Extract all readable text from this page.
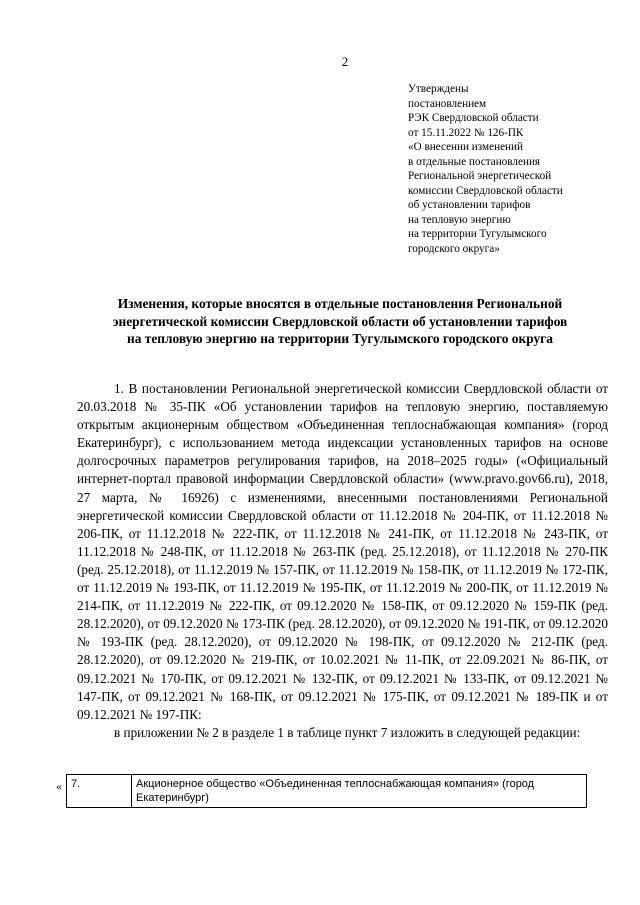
2
Утверждены
постановлением
РЭК Свердловской области
от 15.11.2022 № 126-ПК
«О внесении изменений
в отдельные постановления
Региональной энергетической
комиссии Свердловской области
об установлении тарифов
на тепловую энергию
на территории Тугулымского
городского округа»
Изменения, которые вносятся в отдельные постановления Региональной
энергетической комиссии Свердловской области об установлении тарифов
на тепловую энергию на территории Тугулымского городского округа

1. В постановлении Региональной энергетической комиссии Свердловской области от 20.03.2018 № 35-ПК «Об установлении тарифов на тепловую энергию, поставляемую открытым акционерным обществом «Объединенная теплоснабжающая компания» (город Екатеринбург), с использованием метода индексации установленных тарифов на основе долгосрочных параметров регулирования тарифов, на 2018–2025 годы» («Официальный интернет-портал правовой информации Свердловской области» (www.pravo.gov66.ru), 2018, 27 марта, № 16926) с изменениями, внесенными постановлениями Региональной энергетической комиссии Свердловской области от 11.12.2018 № 204-ПК, от 11.12.2018 № 206-ПК, от 11.12.2018 № 222-ПК, от 11.12.2018 № 241-ПК, от 11.12.2018 № 243-ПК, от 11.12.2018 № 248-ПК, от 11.12.2018 № 263-ПК (ред. 25.12.2018), от 11.12.2018 № 270-ПК (ред. 25.12.2018), от 11.12.2019 № 157-ПК, от 11.12.2019 № 158-ПК, от 11.12.2019 № 172-ПК, от 11.12.2019 № 193-ПК, от 11.12.2019 № 195-ПК, от 11.12.2019 № 200-ПК, от 11.12.2019 № 214-ПК, от 11.12.2019 № 222-ПК, от 09.12.2020 № 158-ПК, от 09.12.2020 № 159-ПК (ред. 28.12.2020), от 09.12.2020 № 173-ПК (ред. 28.12.2020), от 09.12.2020 № 191-ПК, от 09.12.2020 № 193-ПК (ред. 28.12.2020), от 09.12.2020 № 198-ПК, от 09.12.2020 № 212-ПК (ред. 28.12.2020), от 09.12.2020 № 219-ПК, от 10.02.2021 № 11-ПК, от 22.09.2021 № 86-ПК, от 09.12.2021 № 170-ПК, от 09.12.2021 № 132-ПК, от 09.12.2021 № 133-ПК, от 09.12.2021 № 147-ПК, от 09.12.2021 № 168-ПК, от 09.12.2021 № 175-ПК, от 09.12.2021 № 189-ПК и от 09.12.2021 № 197-ПК:

в приложении № 2 в разделе 1 в таблице пункт 7 изложить в следующей редакции:

« 7.	Акционерное общество «Объединенная теплоснабжающая компания» (город Екатеринбург)
